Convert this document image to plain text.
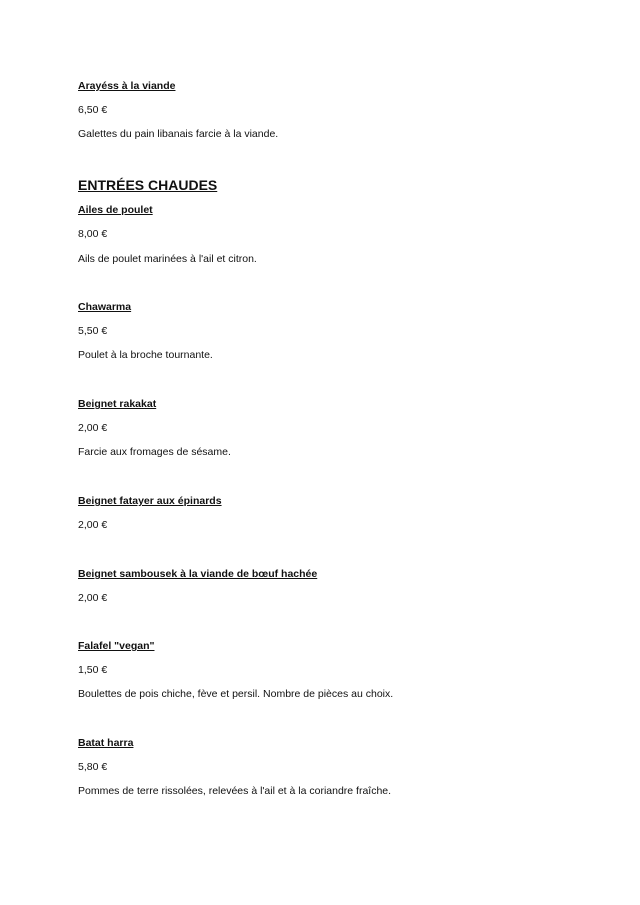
Arayéss à la viande
6,50 €
Galettes du pain libanais farcie à la viande.
ENTRÉES CHAUDES
Ailes de poulet
8,00 €
Ails de poulet marinées à l'ail et citron.
Chawarma
5,50 €
Poulet à la broche tournante.
Beignet rakakat
2,00 €
Farcie aux fromages de sésame.
Beignet fatayer aux épinards
2,00 €
Beignet sambousek à la viande de bœuf hachée
2,00 €
Falafel "vegan"
1,50 €
Boulettes de pois chiche, fève et persil. Nombre de pièces au choix.
Batat harra
5,80 €
Pommes de terre rissolées, relevées à l'ail et à la coriandre fraîche.
